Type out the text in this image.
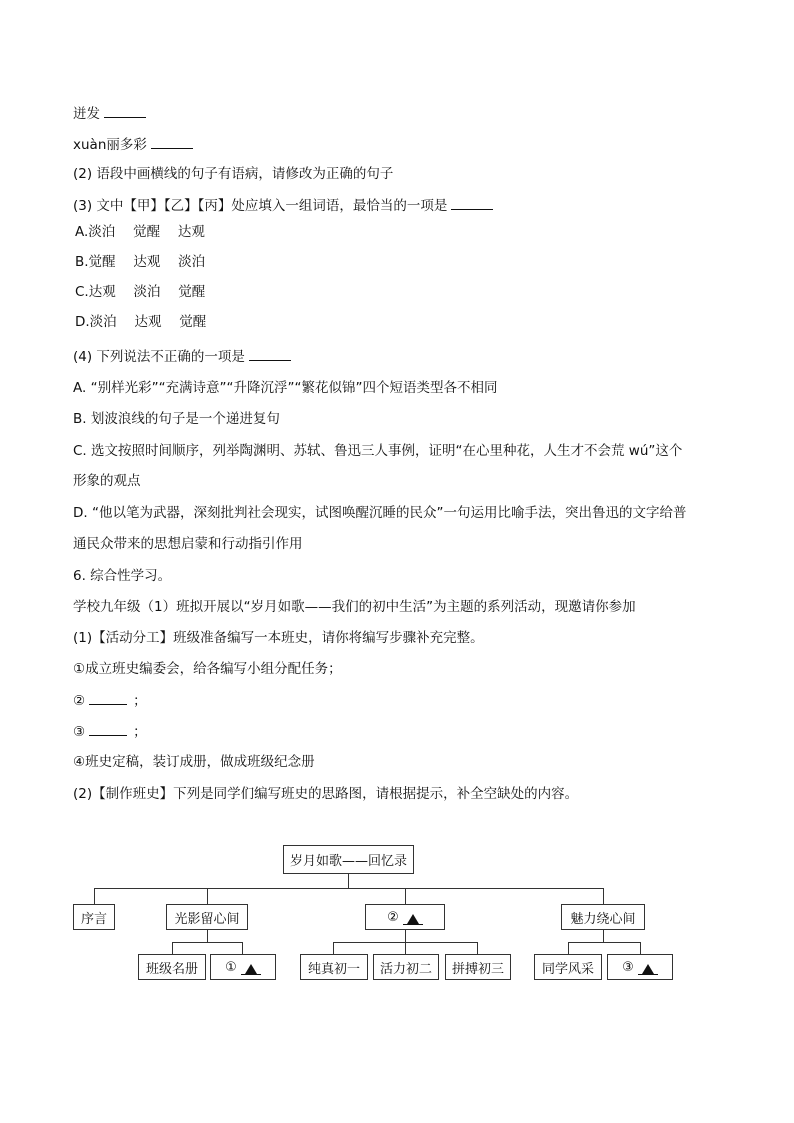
迸发
xuàn丽多彩
(2) 语段中画横线的句子有语病，请修改为正确的句子
(3) 文中【甲】【乙】【丙】处应填入一组词语，最恰当的一项是
A.淡泊　 觉醒　 达观
B.觉醒　 达观　 淡泊
C.达观　 淡泊　 觉醒
D.淡泊　 达观　 觉醒
(4) 下列说法不正确的一项是
A. “别样光彩”“充满诗意”“升降沉浮”“繁花似锦”四个短语类型各不相同
B. 划波浪线的句子是一个递进复句
C. 选文按照时间顺序，列举陶渊明、苏轼、鲁迅三人事例，证明“在心里种花，人生才不会荒 wú”这个
形象的观点
D. “他以笔为武器，深刻批判社会现实，试图唤醒沉睡的民众”一句运用比喻手法，突出鲁迅的文字给普
通民众带来的思想启蒙和行动指引作用
6. 综合性学习。
学校九年级（1）班拟开展以“岁月如歌——我们的初中生活”为主题的系列活动，现邀请你参加
(1)【活动分工】班级准备编写一本班史，请你将编写步骤补充完整。
①成立班史编委会，给各编写小组分配任务；
②	；
③	；
④班史定稿，装订成册，做成班级纪念册
(2)【制作班史】下列是同学们编写班史的思路图，请根据提示，补全空缺处的内容。
岁月如歌——回忆录
序言	光影留心间	②	魅力绕心间
班级名册	①	纯真初一	活力初二	拼搏初三	同学风采	③
